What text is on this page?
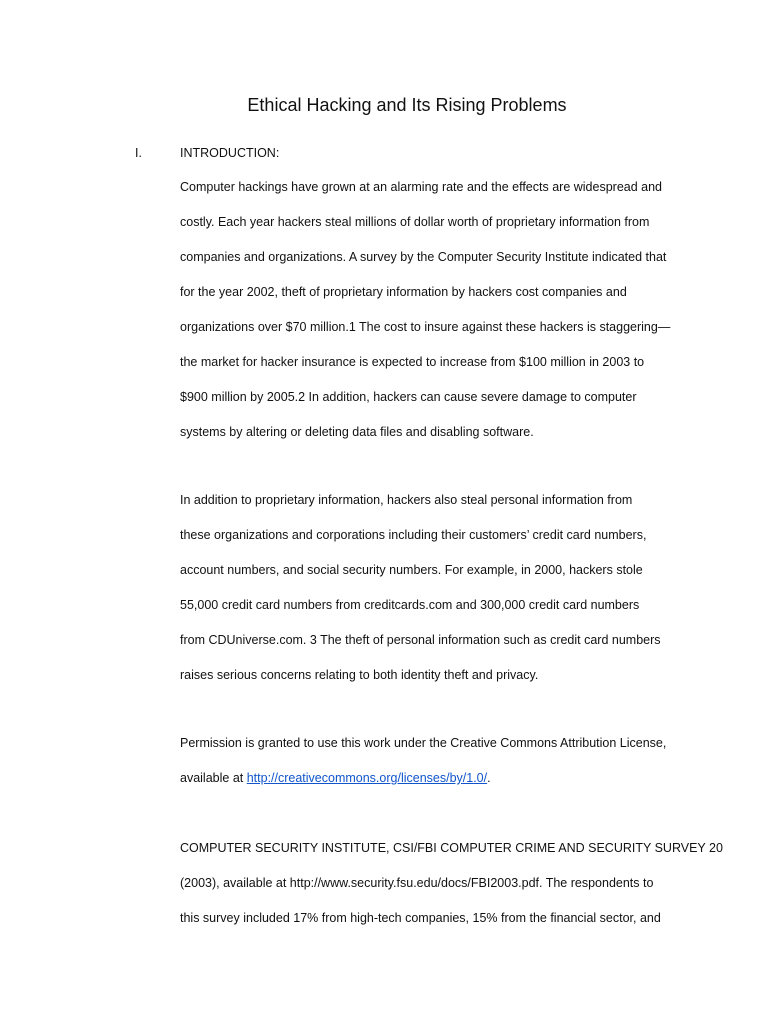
Ethical Hacking and Its Rising Problems
I.	INTRODUCTION:
Computer hackings have grown at an alarming rate and the effects are widespread and
costly. Each year hackers steal millions of dollar worth of proprietary information from
companies and organizations. A survey by the Computer Security Institute indicated that
for the year 2002, theft of proprietary information by hackers cost companies and
organizations over $70 million.1 The cost to insure against these hackers is staggering—
the market for hacker insurance is expected to increase from $100 million in 2003 to
$900 million by 2005.2 In addition, hackers can cause severe damage to computer
systems by altering or deleting data files and disabling software.
In addition to proprietary information, hackers also steal personal information from
these organizations and corporations including their customers’ credit card numbers,
account numbers, and social security numbers. For example, in 2000, hackers stole
55,000 credit card numbers from creditcards.com and 300,000 credit card numbers
from CDUniverse.com. 3 The theft of personal information such as credit card numbers
raises serious concerns relating to both identity theft and privacy.
Permission is granted to use this work under the Creative Commons Attribution License,
available at http://creativecommons.org/licenses/by/1.0/.
COMPUTER SECURITY INSTITUTE, CSI/FBI COMPUTER CRIME AND SECURITY SURVEY 20
(2003), available at http://www.security.fsu.edu/docs/FBI2003.pdf. The respondents to
this survey included 17% from high-tech companies, 15% from the financial sector, and
